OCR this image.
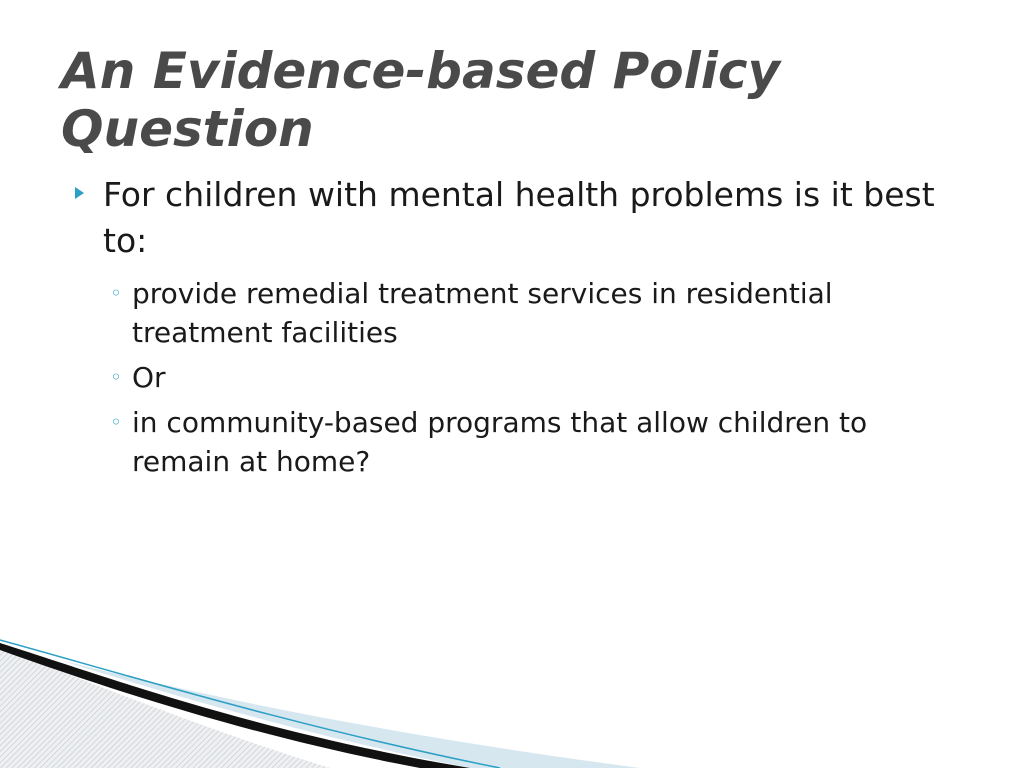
An Evidence-based Policy Question

For children with mental health problems is it best to:

◦ provide remedial treatment services in residential treatment facilities

◦ Or

◦ in community-based programs that allow children to remain at home?
